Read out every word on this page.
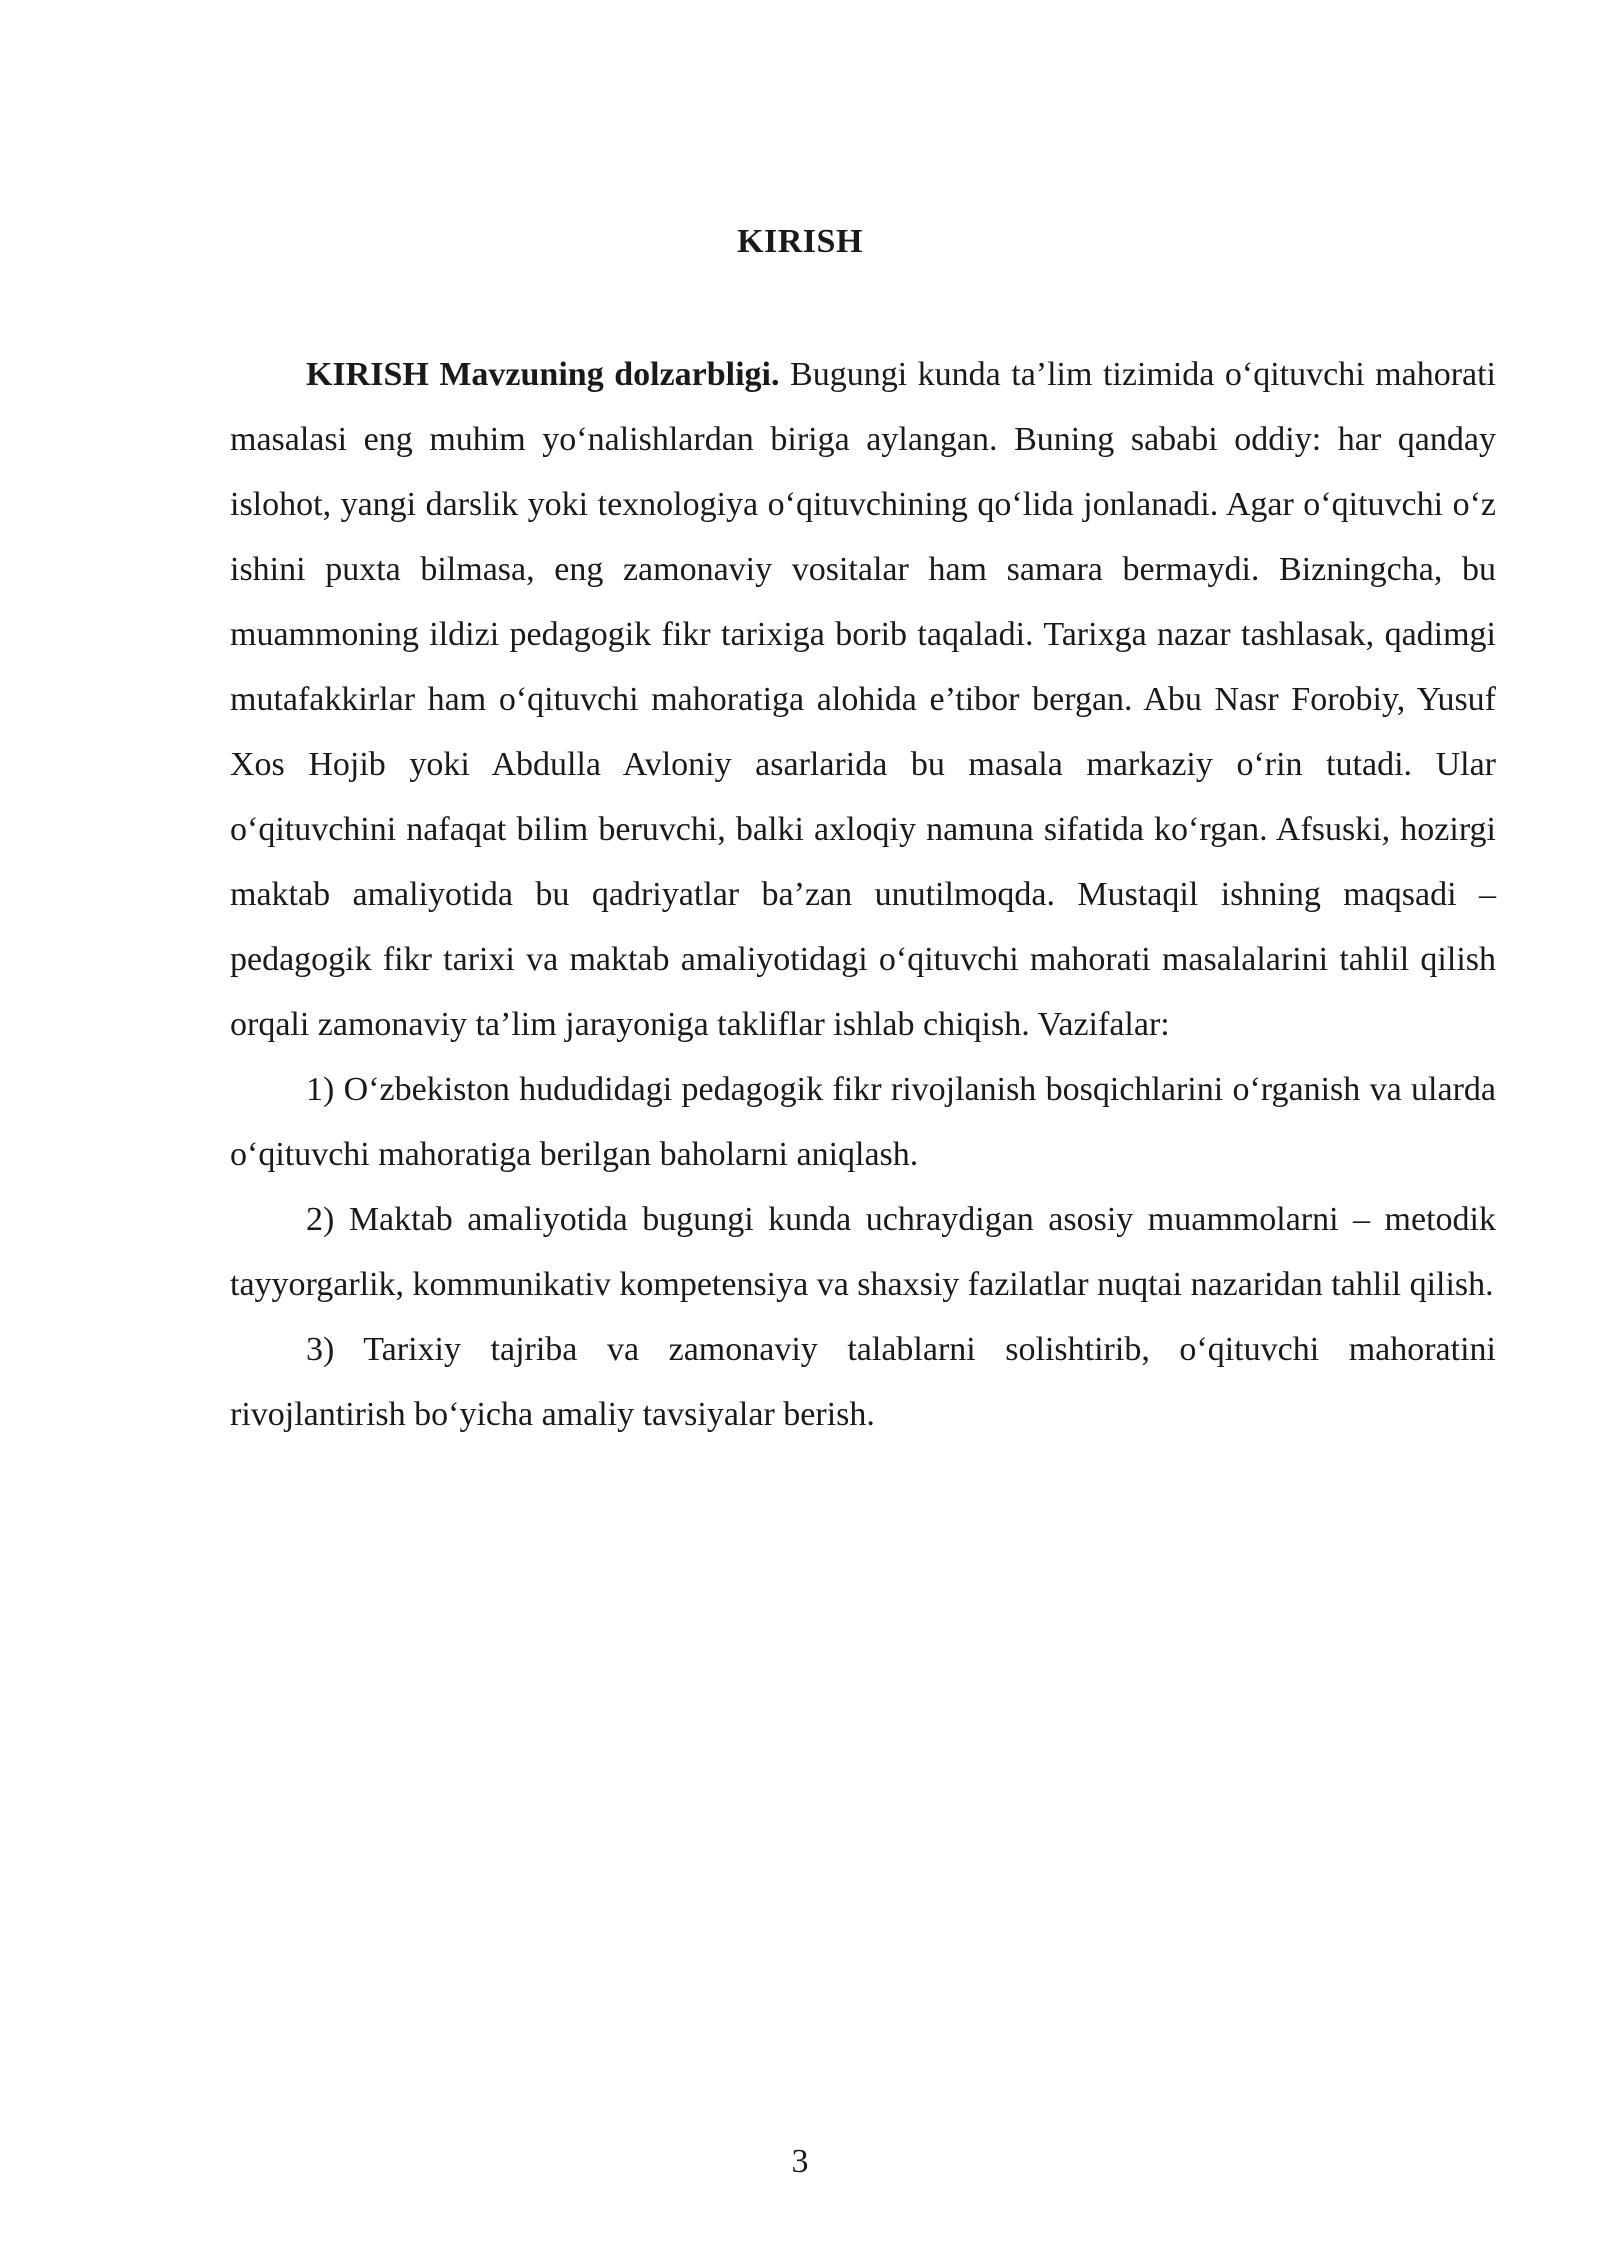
KIRISH

KIRISH Mavzuning dolzarbligi. Bugungi kunda ta’lim tizimida o‘qituvchi mahorati masalasi eng muhim yo‘nalishlardan biriga aylangan. Buning sababi oddiy: har qanday islohot, yangi darslik yoki texnologiya o‘qituvchining qo‘lida jonlanadi. Agar o‘qituvchi o‘z ishini puxta bilmasa, eng zamonaviy vositalar ham samara bermaydi. Bizningcha, bu muammoning ildizi pedagogik fikr tarixiga borib taqaladi. Tarixga nazar tashlasak, qadimgi mutafakkirlar ham o‘qituvchi mahoratiga alohida e’tibor bergan. Abu Nasr Forobiy, Yusuf Xos Hojib yoki Abdulla Avloniy asarlarida bu masala markaziy o‘rin tutadi. Ular o‘qituvchini nafaqat bilim beruvchi, balki axloqiy namuna sifatida ko‘rgan. Afsuski, hozirgi maktab amaliyotida bu qadriyatlar ba’zan unutilmoqda. Mustaqil ishning maqsadi – pedagogik fikr tarixi va maktab amaliyotidagi o‘qituvchi mahorati masalalarini tahlil qilish orqali zamonaviy ta’lim jarayoniga takliflar ishlab chiqish. Vazifalar:

1) O‘zbekiston hududidagi pedagogik fikr rivojlanish bosqichlarini o‘rganish va ularda o‘qituvchi mahoratiga berilgan baholarni aniqlash.

2) Maktab amaliyotida bugungi kunda uchraydigan asosiy muammolarni – metodik tayyorgarlik, kommunikativ kompetensiya va shaxsiy fazilatlar nuqtai nazaridan tahlil qilish.

3) Tarixiy tajriba va zamonaviy talablarni solishtirib, o‘qituvchi mahoratini rivojlantirish bo‘yicha amaliy tavsiyalar berish.

3
